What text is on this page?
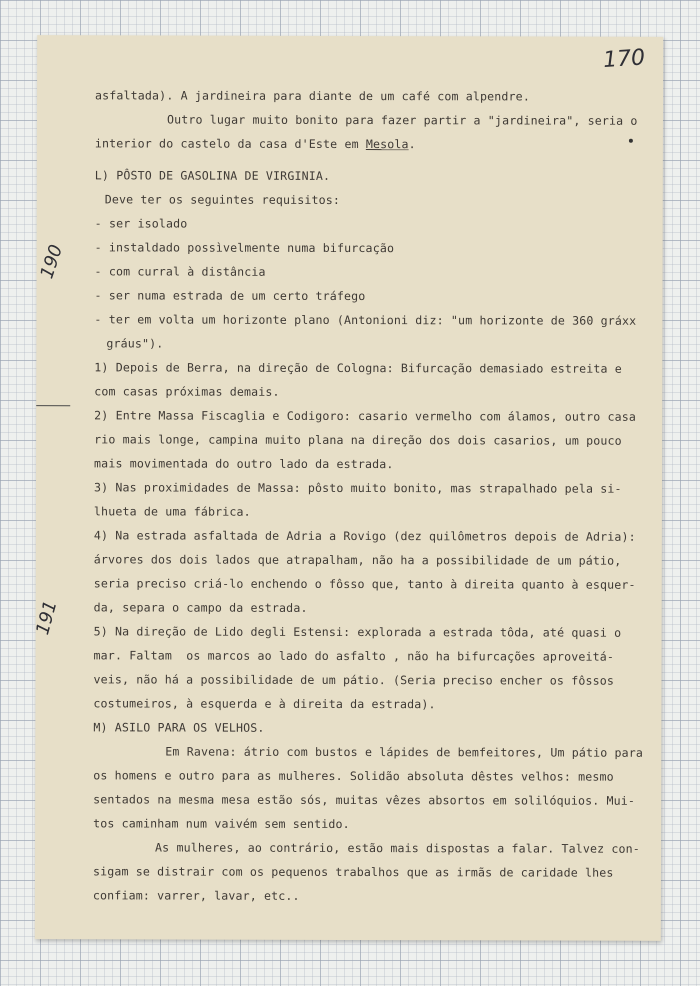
170
190
191
asfaltada). A jardineira para diante de um café com alpendre.
Outro lugar muito bonito para fazer partir a "jardineira", seria o
interior do castelo da casa d'Este em Mesola.
L) PÔSTO DE GASOLINA DE VIRGINIA.
Deve ter os seguintes requisitos:
- ser isolado
- instaldado possìvelmente numa bifurcação
- com curral à distância
- ser numa estrada de um certo tráfego
- ter em volta um horizonte plano (Antonioni diz: "um horizonte de 360 gráxx
gráus").
1) Depois de Berra, na direção de Cologna: Bifurcação demasiado estreita e
com casas próximas demais.
2) Entre Massa Fiscaglia e Codigoro: casario vermelho com álamos, outro casa
rio mais longe, campina muito plana na direção dos dois casarios, um pouco
mais movimentada do outro lado da estrada.
3) Nas proximidades de Massa: pôsto muito bonito, mas strapalhado pela si-
lhueta de uma fábrica.
4) Na estrada asfaltada de Adria a Rovigo (dez quilômetros depois de Adria):
árvores dos dois lados que atrapalham, não ha a possibilidade de um pátio,
seria preciso criá-lo enchendo o fôsso que, tanto à direita quanto à esquer-
da, separa o campo da estrada.
5) Na direção de Lido degli Estensi: explorada a estrada tôda, até quasi o
mar. Faltam  os marcos ao lado do asfalto , não ha bifurcações aproveitá-
veis, não há a possibilidade de um pátio. (Seria preciso encher os fôssos
costumeiros, à esquerda e à direita da estrada).
M) ASILO PARA OS VELHOS.
Em Ravena: átrio com bustos e lápides de bemfeitores, Um pátio para
os homens e outro para as mulheres. Solidão absoluta dêstes velhos: mesmo
sentados na mesma mesa estão sós, muitas vêzes absortos em solilóquios. Mui-
tos caminham num vaivém sem sentido.
As mulheres, ao contrário, estão mais dispostas a falar. Talvez con-
sigam se distrair com os pequenos trabalhos que as irmãs de caridade lhes
confiam: varrer, lavar, etc..
